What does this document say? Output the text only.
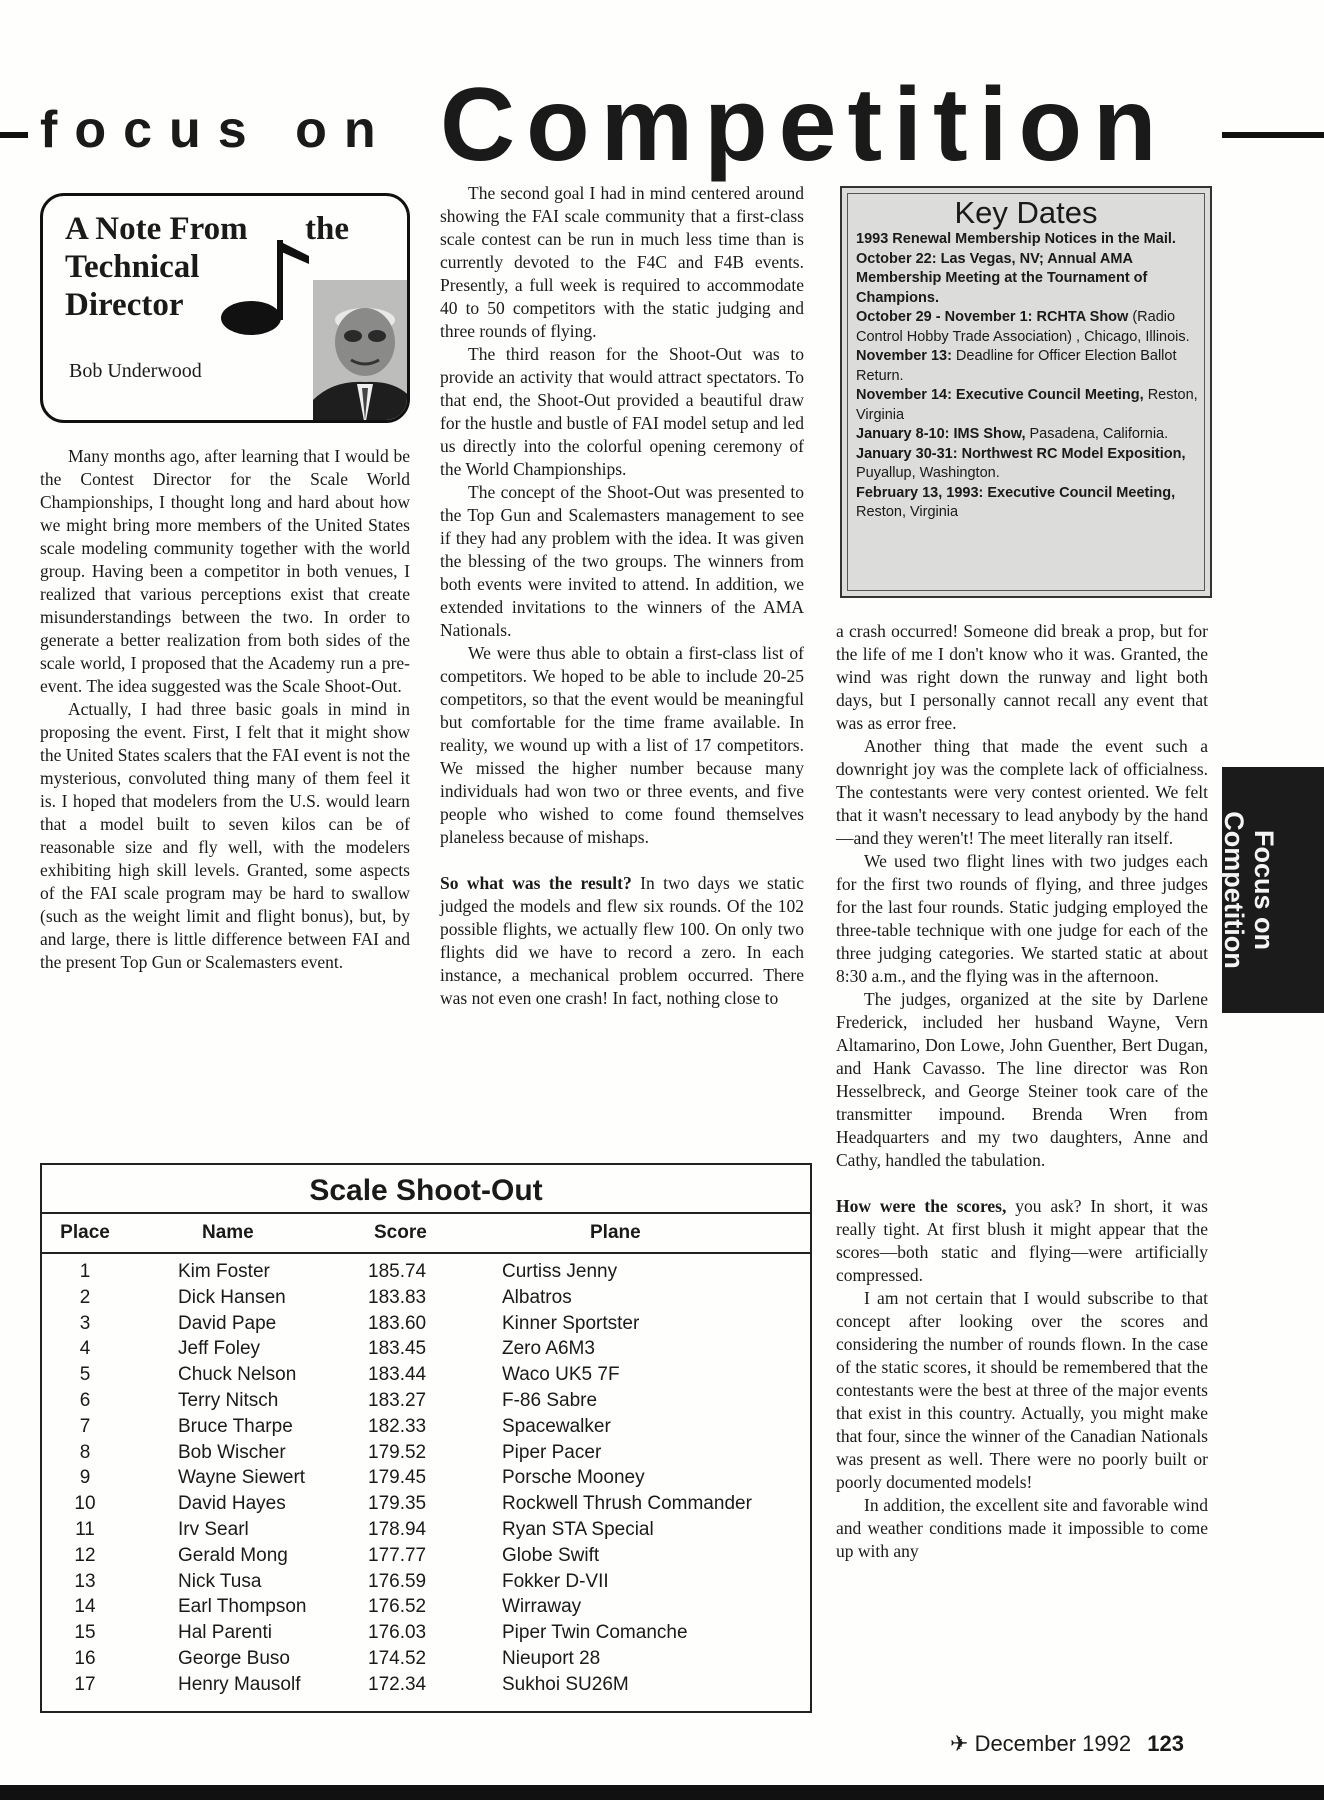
focus on Competition
A Note From
Technical
Director
the
Bob Underwood

Many months ago, after learning that I would be the Contest Director for the Scale World Championships, I thought long and hard about how we might bring more members of the United States scale modeling community together with the world group. Having been a competitor in both venues, I realized that various perceptions exist that create misunderstandings between the two. In order to generate a better realization from both sides of the scale world, I proposed that the Academy run a pre-event. The idea suggested was the Scale Shoot-Out.

Actually, I had three basic goals in mind in proposing the event. First, I felt that it might show the United States scalers that the FAI event is not the mysterious, convoluted thing many of them feel it is. I hoped that modelers from the U.S. would learn that a model built to seven kilos can be of reasonable size and fly well, with the modelers exhibiting high skill levels. Granted, some aspects of the FAI scale program may be hard to swallow (such as the weight limit and flight bonus), but, by and large, there is little difference between FAI and the present Top Gun or Scalemasters event.

The second goal I had in mind centered around showing the FAI scale community that a first-class scale contest can be run in much less time than is currently devoted to the F4C and F4B events. Presently, a full week is required to accommodate 40 to 50 competitors with the static judging and three rounds of flying.

The third reason for the Shoot-Out was to provide an activity that would attract spectators. To that end, the Shoot-Out provided a beautiful draw for the hustle and bustle of FAI model setup and led us directly into the colorful opening ceremony of the World Championships.

The concept of the Shoot-Out was presented to the Top Gun and Scalemasters management to see if they had any problem with the idea. It was given the blessing of the two groups. The winners from both events were invited to attend. In addition, we extended invitations to the winners of the AMA Nationals.

We were thus able to obtain a first-class list of competitors. We hoped to be able to include 20-25 competitors, so that the event would be meaningful but comfortable for the time frame available. In reality, we wound up with a list of 17 competitors. We missed the higher number because many individuals had won two or three events, and five people who wished to come found themselves planeless because of mishaps.

So what was the result? In two days we static judged the models and flew six rounds. Of the 102 possible flights, we actually flew 100. On only two flights did we have to record a zero. In each instance, a mechanical problem occurred. There was not even one crash! In fact, nothing close to

Key Dates
1993 Renewal Membership Notices in the Mail.
October 22: Las Vegas, NV; Annual AMA Membership Meeting at the Tournament of Champions.
October 29 - November 1: RCHTA Show (Radio Control Hobby Trade Association) , Chicago, Illinois.
November 13: Deadline for Officer Election Ballot Return.
November 14: Executive Council Meeting, Reston, Virginia
January 8-10: IMS Show, Pasadena, California.
January 30-31: Northwest RC Model Exposition, Puyallup, Washington.
February 13, 1993: Executive Council Meeting, Reston, Virginia

a crash occurred! Someone did break a prop, but for the life of me I don't know who it was. Granted, the wind was right down the runway and light both days, but I personally cannot recall any event that was as error free.

Another thing that made the event such a downright joy was the complete lack of officialness. The contestants were very contest oriented. We felt that it wasn't necessary to lead anybody by the hand—and they weren't! The meet literally ran itself.

We used two flight lines with two judges each for the first two rounds of flying, and three judges for the last four rounds. Static judging employed the three-table technique with one judge for each of the three judging categories. We started static at about 8:30 a.m., and the flying was in the afternoon.

The judges, organized at the site by Darlene Frederick, included her husband Wayne, Vern Altamarino, Don Lowe, John Guenther, Bert Dugan, and Hank Cavasso. The line director was Ron Hesselbreck, and George Steiner took care of the transmitter impound. Brenda Wren from Headquarters and my two daughters, Anne and Cathy, handled the tabulation.

How were the scores, you ask? In short, it was really tight. At first blush it might appear that the scores—both static and flying—were artificially compressed.

I am not certain that I would subscribe to that concept after looking over the scores and considering the number of rounds flown. In the case of the static scores, it should be remembered that the contestants were the best at three of the major events that exist in this country. Actually, you might make that four, since the winner of the Canadian Nationals was present as well. There were no poorly built or poorly documented models!

In addition, the excellent site and favorable wind and weather conditions made it impossible to come up with any

Focus on
Competition
Scale Shoot-Out
Place	Name	Score	Plane
1	Kim Foster	185.74	Curtiss Jenny
2	Dick Hansen	183.83	Albatros
3	David Pape	183.60	Kinner Sportster
4	Jeff Foley	183.45	Zero A6M3
5	Chuck Nelson	183.44	Waco UK5 7F
6	Terry Nitsch	183.27	F-86 Sabre
7	Bruce Tharpe	182.33	Spacewalker
8	Bob Wischer	179.52	Piper Pacer
9	Wayne Siewert	179.45	Porsche Mooney
10	David Hayes	179.35	Rockwell Thrush Commander
11	Irv Searl	178.94	Ryan STA Special
12	Gerald Mong	177.77	Globe Swift
13	Nick Tusa	176.59	Fokker D-VII
14	Earl Thompson	176.52	Wirraway
15	Hal Parenti	176.03	Piper Twin Comanche
16	George Buso	174.52	Nieuport 28
17	Henry Mausolf	172.34	Sukhoi SU26M
✈ December 1992 123
